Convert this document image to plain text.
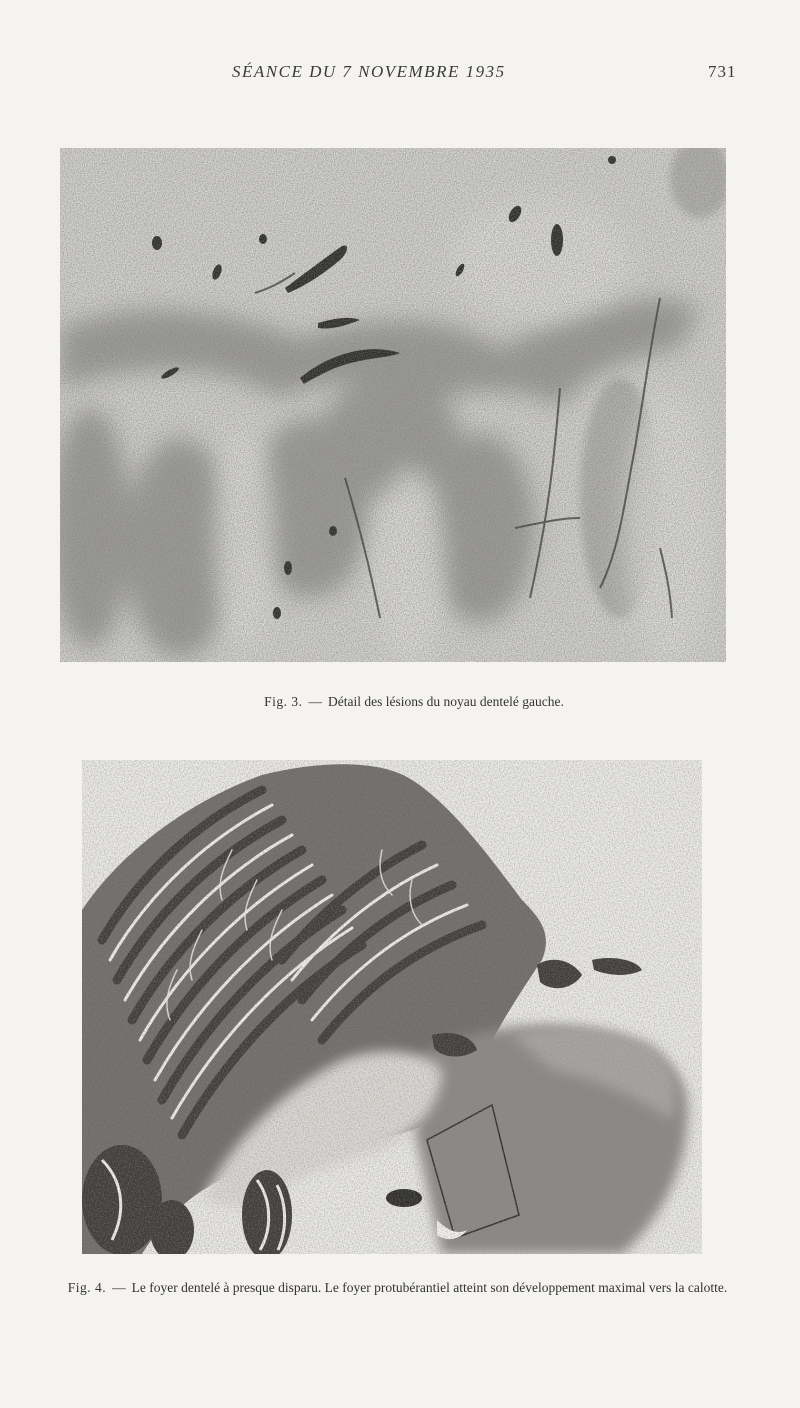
SÉANCE DU 7 NOVEMBRE 1935	731
Fig. 3. — Détail des lésions du noyau dentelé gauche.
Fig. 4. — Le foyer dentelé à presque disparu. Le foyer protubérantiel atteint son développement maximal vers la calotte.
